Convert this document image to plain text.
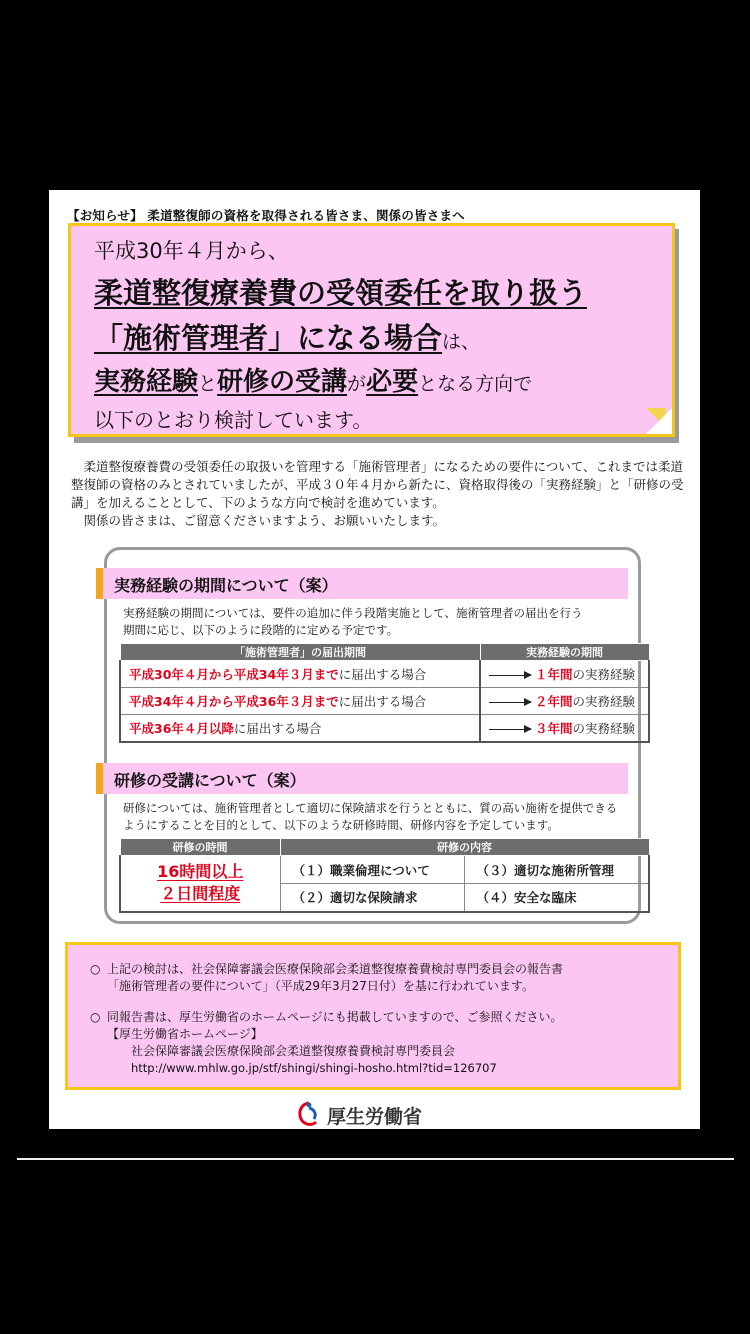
【お知らせ】 柔道整復師の資格を取得される皆さま、関係の皆さまへ
平成30年４月から、
柔道整復療養費の受領委任を取り扱う
「施術管理者」になる場合は、
実務経験と研修の受講が必要となる方向で
以下のとおり検討しています。

柔道整復療養費の受領委任の取扱いを管理する「施術管理者」になるための要件について、これまでは柔道整復師の資格のみとされていましたが、平成３０年４月から新たに、資格取得後の「実務経験」と「研修の受講」を加えることとして、下のような方向で検討を進めています。

関係の皆さまは、ご留意くださいますよう、お願いいたします。

実務経験の期間について（案）
実務経験の期間については、要件の追加に伴う段階実施として、施術管理者の届出を行う
期間に応じ、以下のように段階的に定める予定です。
「施術管理者」の届出期間	実務経験の期間
平成30年４月から平成34年３月までに届出する場合	１年間の実務経験
平成34年４月から平成36年３月までに届出する場合	２年間の実務経験
平成36年４月以降に届出する場合	３年間の実務経験
研修の受講について（案）
研修については、施術管理者として適切に保険請求を行うとともに、質の高い施術を提供できる
ようにすることを目的として、以下のような研修時間、研修内容を予定しています。
研修の時間	研修の内容	

16時間以上
２日間程度	（１）職業倫理について	（３）適切な施術所管理
	（２）適切な保険請求	（４）安全な臨床
○ 上記の検討は、社会保障審議会医療保険部会柔道整復療養費検討専門委員会の報告書
「施術管理者の要件について」（平成29年3月27日付）を基に行われています。
○ 同報告書は、厚生労働省のホームページにも掲載していますので、ご参照ください。
【厚生労働省ホームページ】
社会保障審議会医療保険部会柔道整復療養費検討専門委員会
http://www.mhlw.go.jp/stf/shingi/shingi-hosho.html?tid=126707
厚生労働省
